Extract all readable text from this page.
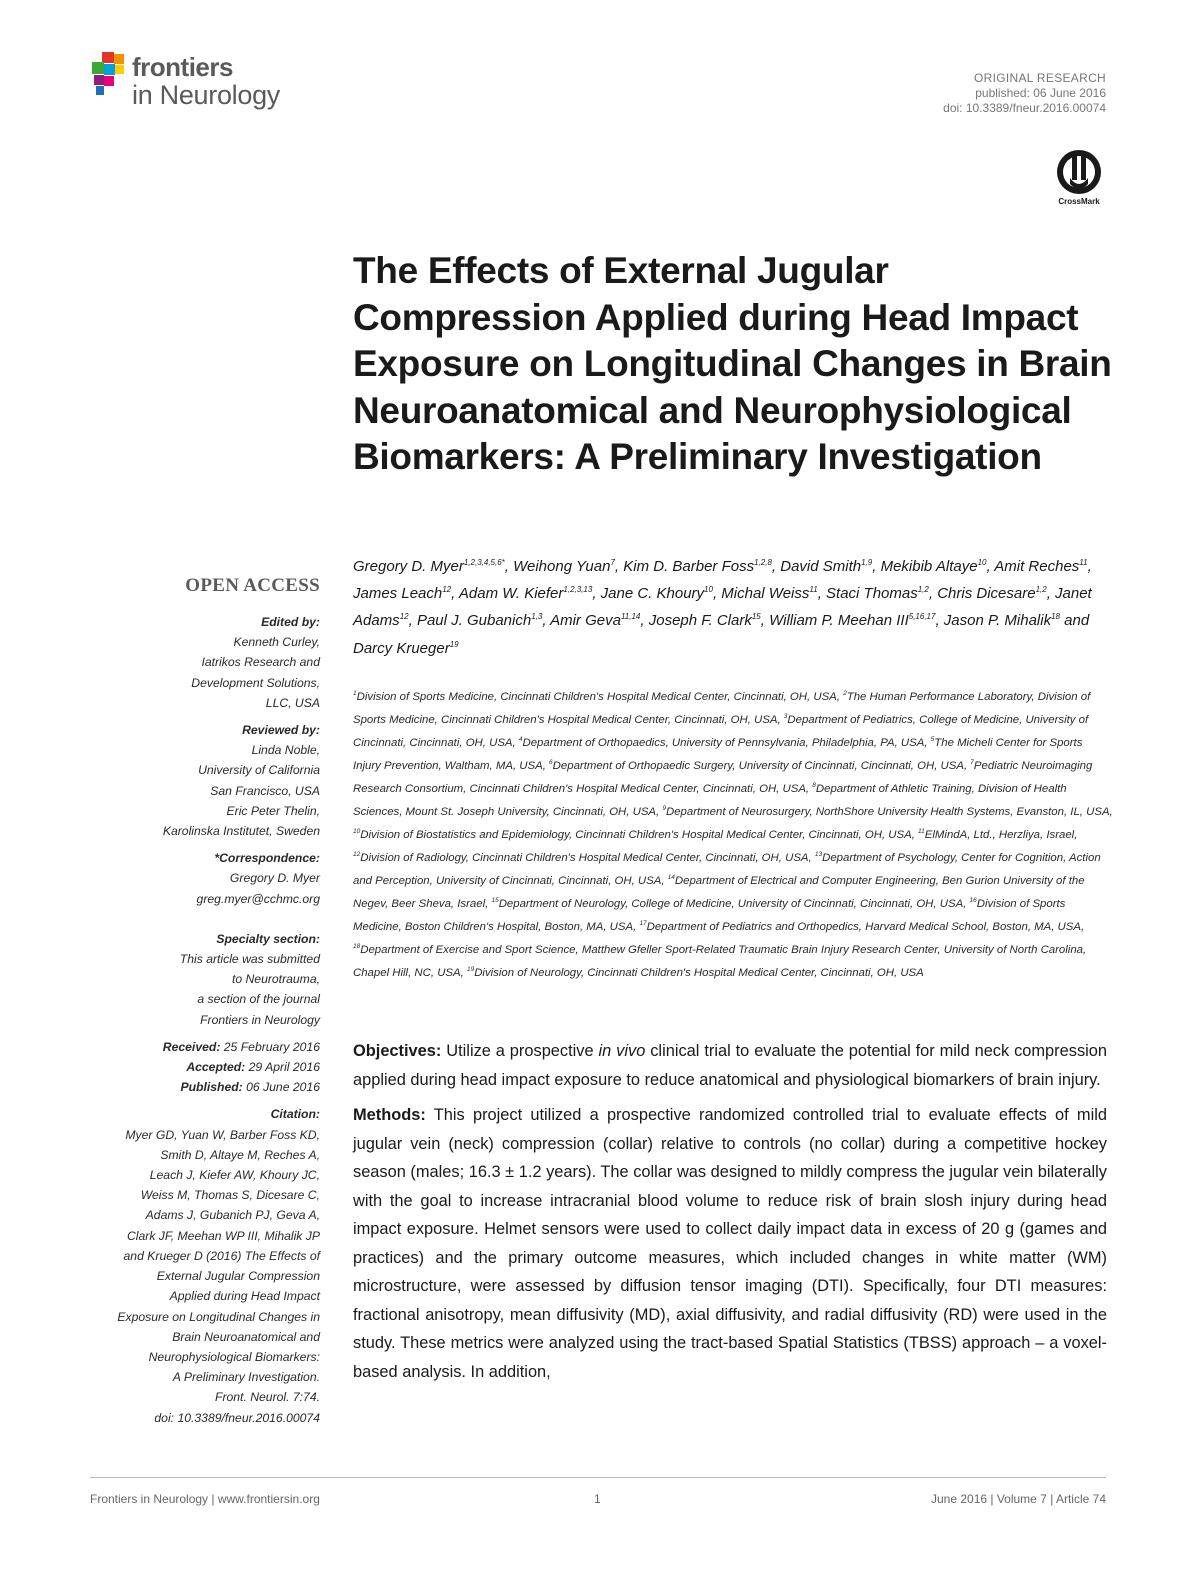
frontiers
in Neurology
ORIGINAL RESEARCH
published: 06 June 2016
doi: 10.3389/fneur.2016.00074
CrossMark
The Effects of External Jugular Compression Applied during Head Impact Exposure on Longitudinal Changes in Brain Neuroanatomical and Neurophysiological Biomarkers: A Preliminary Investigation

Gregory D. Myer$^{1,2,3,4,5,6*}$, Weihong Yuan$^7$, Kim D. Barber Foss$^{1,2,8}$, David Smith$^{1,9}$, Mekibib Altaye$^{10}$, Amit Reches$^{11}$, James Leach$^{12}$, Adam W. Kiefer$^{1,2,3,13}$, Jane C. Khoury$^{10}$, Michal Weiss$^{11}$, Staci Thomas$^{1,2}$, Chris Dicesare$^{1,2}$, Janet Adams$^{12}$, Paul J. Gubanich$^{1,3}$, Amir Geva$^{11,14}$, Joseph F. Clark$^{15}$, William P. Meehan III$^{5,16,17}$, Jason P. Mihalik$^{18}$ and Darcy Krueger$^{19}$

$^1$Division of Sports Medicine, Cincinnati Children's Hospital Medical Center, Cincinnati, OH, USA, $^2$The Human Performance Laboratory, Division of Sports Medicine, Cincinnati Children's Hospital Medical Center, Cincinnati, OH, USA, $^3$Department of Pediatrics, College of Medicine, University of Cincinnati, Cincinnati, OH, USA, $^4$Department of Orthopaedics, University of Pennsylvania, Philadelphia, PA, USA, $^5$The Micheli Center for Sports Injury Prevention, Waltham, MA, USA, $^6$Department of Orthopaedic Surgery, University of Cincinnati, Cincinnati, OH, USA, $^7$Pediatric Neuroimaging Research Consortium, Cincinnati Children's Hospital Medical Center, Cincinnati, OH, USA, $^8$Department of Athletic Training, Division of Health Sciences, Mount St. Joseph University, Cincinnati, OH, USA, $^9$Department of Neurosurgery, NorthShore University Health Systems, Evanston, IL, USA, $^{10}$Division of Biostatistics and Epidemiology, Cincinnati Children's Hospital Medical Center, Cincinnati, OH, USA, $^{11}$ElMindA, Ltd., Herzliya, Israel, $^{12}$Division of Radiology, Cincinnati Children's Hospital Medical Center, Cincinnati, OH, USA, $^{13}$Department of Psychology, Center for Cognition, Action and Perception, University of Cincinnati, Cincinnati, OH, USA, $^{14}$Department of Electrical and Computer Engineering, Ben Gurion University of the Negev, Beer Sheva, Israel, $^{15}$Department of Neurology, College of Medicine, University of Cincinnati, Cincinnati, OH, USA, $^{16}$Division of Sports Medicine, Boston Children's Hospital, Boston, MA, USA, $^{17}$Department of Pediatrics and Orthopedics, Harvard Medical School, Boston, MA, USA, $^{18}$Department of Exercise and Sport Science, Matthew Gfeller Sport-Related Traumatic Brain Injury Research Center, University of North Carolina, Chapel Hill, NC, USA, $^{19}$Division of Neurology, Cincinnati Children's Hospital Medical Center, Cincinnati, OH, USA

OPEN ACCESS
Edited by:
Kenneth Curley,
Iatrikos Research and
Development Solutions,
LLC, USA
Reviewed by:
Linda Noble,
University of California
San Francisco, USA
Eric Peter Thelin,
Karolinska Institutet, Sweden
*Correspondence:
Gregory D. Myer
greg.myer@cchmc.org
Specialty section:
This article was submitted
to Neurotrauma,
a section of the journal
Frontiers in Neurology
Received: 25 February 2016
Accepted: 29 April 2016
Published: 06 June 2016
Citation:
Myer GD, Yuan W, Barber Foss KD,
Smith D, Altaye M, Reches A,
Leach J, Kiefer AW, Khoury JC,
Weiss M, Thomas S, Dicesare C,
Adams J, Gubanich PJ, Geva A,
Clark JF, Meehan WP III, Mihalik JP
and Krueger D (2016) The Effects of
External Jugular Compression
Applied during Head Impact
Exposure on Longitudinal Changes in
Brain Neuroanatomical and
Neurophysiological Biomarkers:
A Preliminary Investigation.
Front. Neurol. 7:74.
doi: 10.3389/fneur.2016.00074

Objectives: Utilize a prospective in vivo clinical trial to evaluate the potential for mild neck compression applied during head impact exposure to reduce anatomical and physiological biomarkers of brain injury.

Methods: This project utilized a prospective randomized controlled trial to evaluate effects of mild jugular vein (neck) compression (collar) relative to controls (no collar) during a competitive hockey season (males; 16.3 ± 1.2 years). The collar was designed to mildly compress the jugular vein bilaterally with the goal to increase intracranial blood volume to reduce risk of brain slosh injury during head impact exposure. Helmet sensors were used to collect daily impact data in excess of 20 g (games and practices) and the primary outcome measures, which included changes in white matter (WM) microstructure, were assessed by diffusion tensor imaging (DTI). Specifically, four DTI measures: fractional anisotropy, mean diffusivity (MD), axial diffusivity, and radial diffusivity (RD) were used in the study. These metrics were analyzed using the tract-based Spatial Statistics (TBSS) approach – a voxel-based analysis. In addition,

Frontiers in Neurology | www.frontiersin.org	1	June 2016 | Volume 7 | Article 74
